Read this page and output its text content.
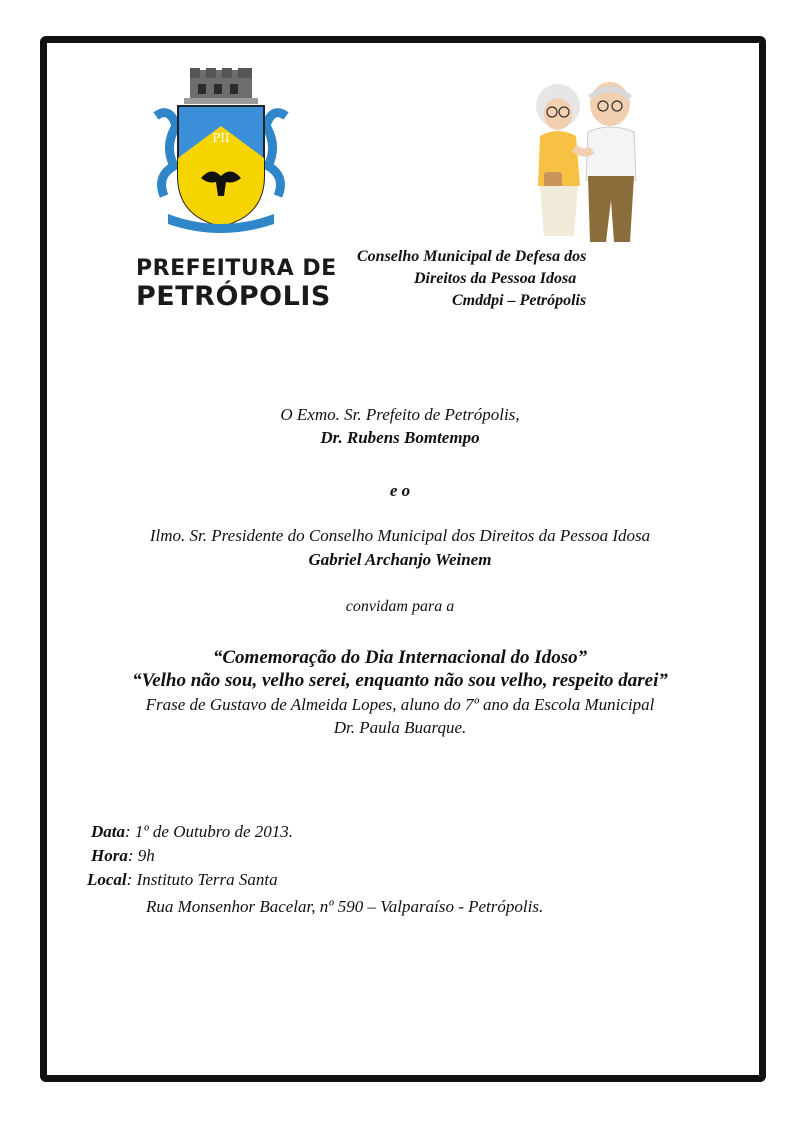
PII
PREFEITURA DE
PETRÓPOLIS
Conselho Municipal de Defesa dos
Direitos da Pessoa Idosa
Cmddpi – Petrópolis
O Exmo. Sr. Prefeito de Petrópolis,
Dr. Rubens Bomtempo
e o
Ilmo. Sr. Presidente do Conselho Municipal dos Direitos da Pessoa Idosa
Gabriel Archanjo Weinem
convidam para a
“Comemoração do Dia Internacional do Idoso”
“Velho não sou, velho serei, enquanto não sou velho, respeito darei”
Frase de Gustavo de Almeida Lopes, aluno do 7º ano da Escola Municipal
Dr. Paula Buarque.
Data: 1º de Outubro de 2013.
Hora: 9h
Local: Instituto Terra Santa
Rua Monsenhor Bacelar, nº 590 – Valparaíso - Petrópolis.
